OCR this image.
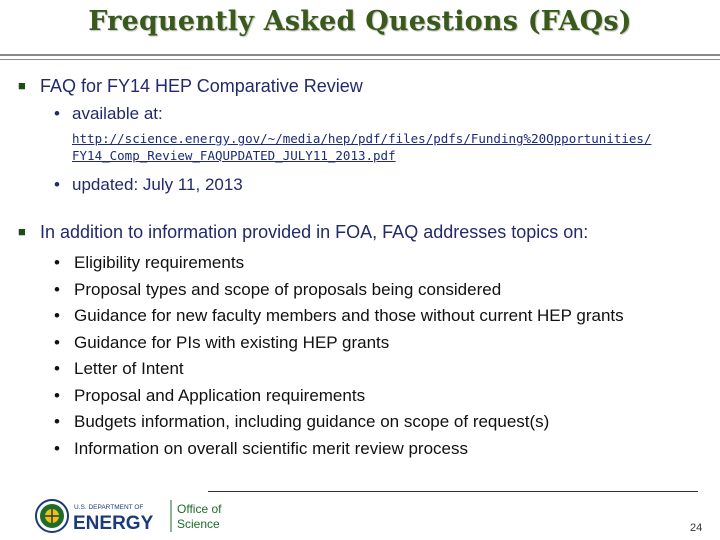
Frequently Asked Questions (FAQs)
■ FAQ for FY14 HEP Comparative Review
• available at:
http://science.energy.gov/~/media/hep/pdf/files/pdfs/Funding%20Opportunities/
FY14_Comp_Review_FAQUPDATED_JULY11_2013.pdf
• updated: July 11, 2013
■ In addition to information provided in FOA, FAQ addresses topics on:
• Eligibility requirements
• Proposal types and scope of proposals being considered
• Guidance for new faculty members and those without current HEP grants
• Guidance for PIs with existing HEP grants
• Letter of Intent
• Proposal and Application requirements
• Budgets information, including guidance on scope of request(s)
• Information on overall scientific merit review process
U.S. DEPARTMENT OF
ENERGY
Office of
Science	24
